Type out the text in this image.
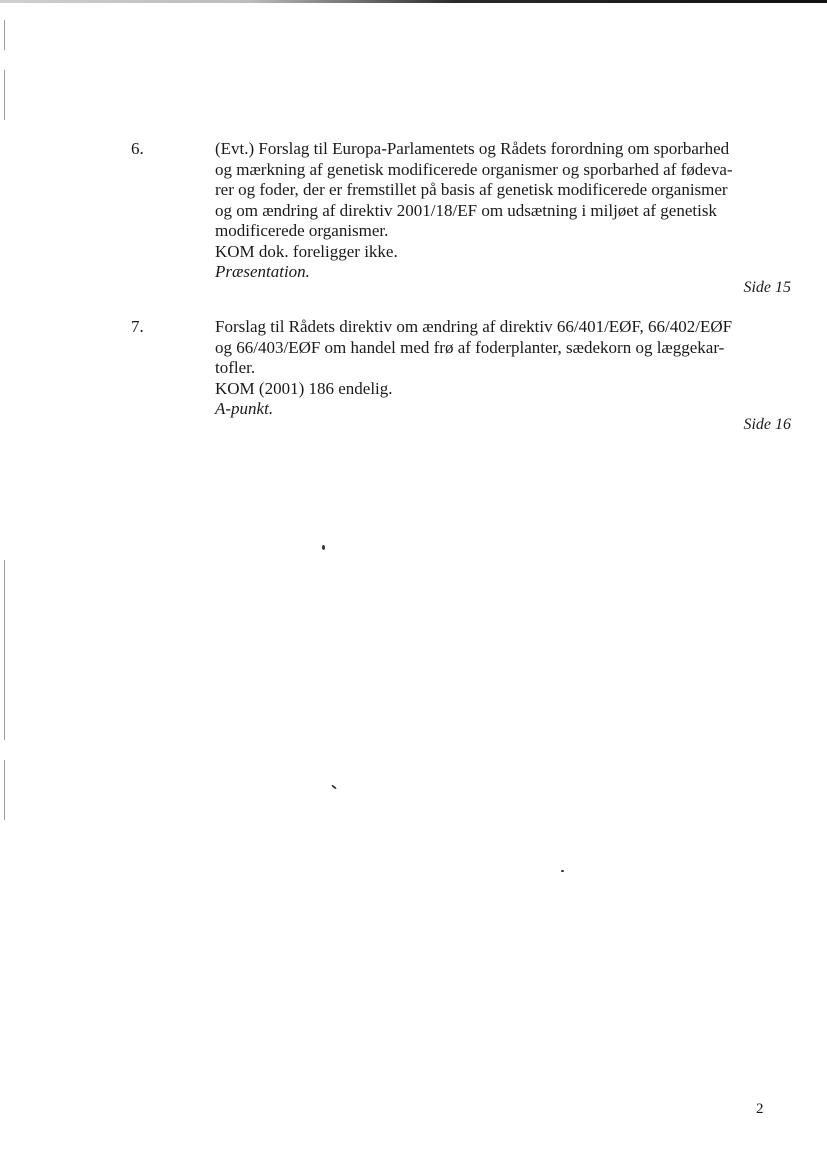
6.	(Evt.) Forslag til Europa-Parlamentets og Rådets forordning om sporbarhed
og mærkning af genetisk modificerede organismer og sporbarhed af fødeva-
rer og foder, der er fremstillet på basis af genetisk modificerede organismer
og om ændring af direktiv 2001/18/EF om udsætning i miljøet af genetisk
modificerede organismer.
KOM dok. foreligger ikke.
Præsentation.
Side 15
7.	Forslag til Rådets direktiv om ændring af direktiv 66/401/EØF, 66/402/EØF
og 66/403/EØF om handel med frø af foderplanter, sædekorn og læggekar-
tofler.
KOM (2001) 186 endelig.
A-punkt.
Side 16
2
